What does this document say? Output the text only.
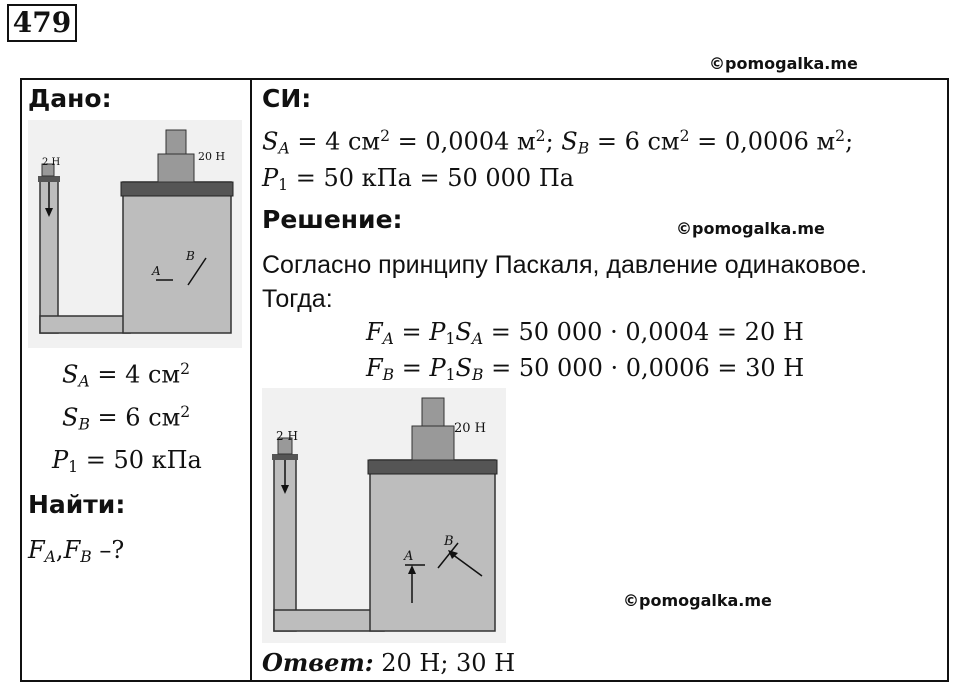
479
©pomogalka.me
Дано:
2 Н	20 Н
A
B
$S_A = 4$ $см^2$
$S_B = 6$ $см^2$
$P_1 = 50$ кПа
Найти:
$F_A,F_B$ –?
СИ:
$S_A = 4$ $см^2 = 0,0004$ $м^2$; $S_B = 6$ $см^2 = 0,0006$ $м^2$;
$P_1 = 50$ кПа = 50 000 Па
Решение:	©pomogalka.me
Согласно принципу Паскаля, давление одинаковое.
Тогда:
$F_A = P_1S_A = 50$ 000 · 0,0004 = 20 Н
$F_B = P_1S_B = 50$ 000 · 0,0006 = 30 Н
2 Н	20 Н
A
B
©pomogalka.me
Ответ: 20 Н; 30 Н
